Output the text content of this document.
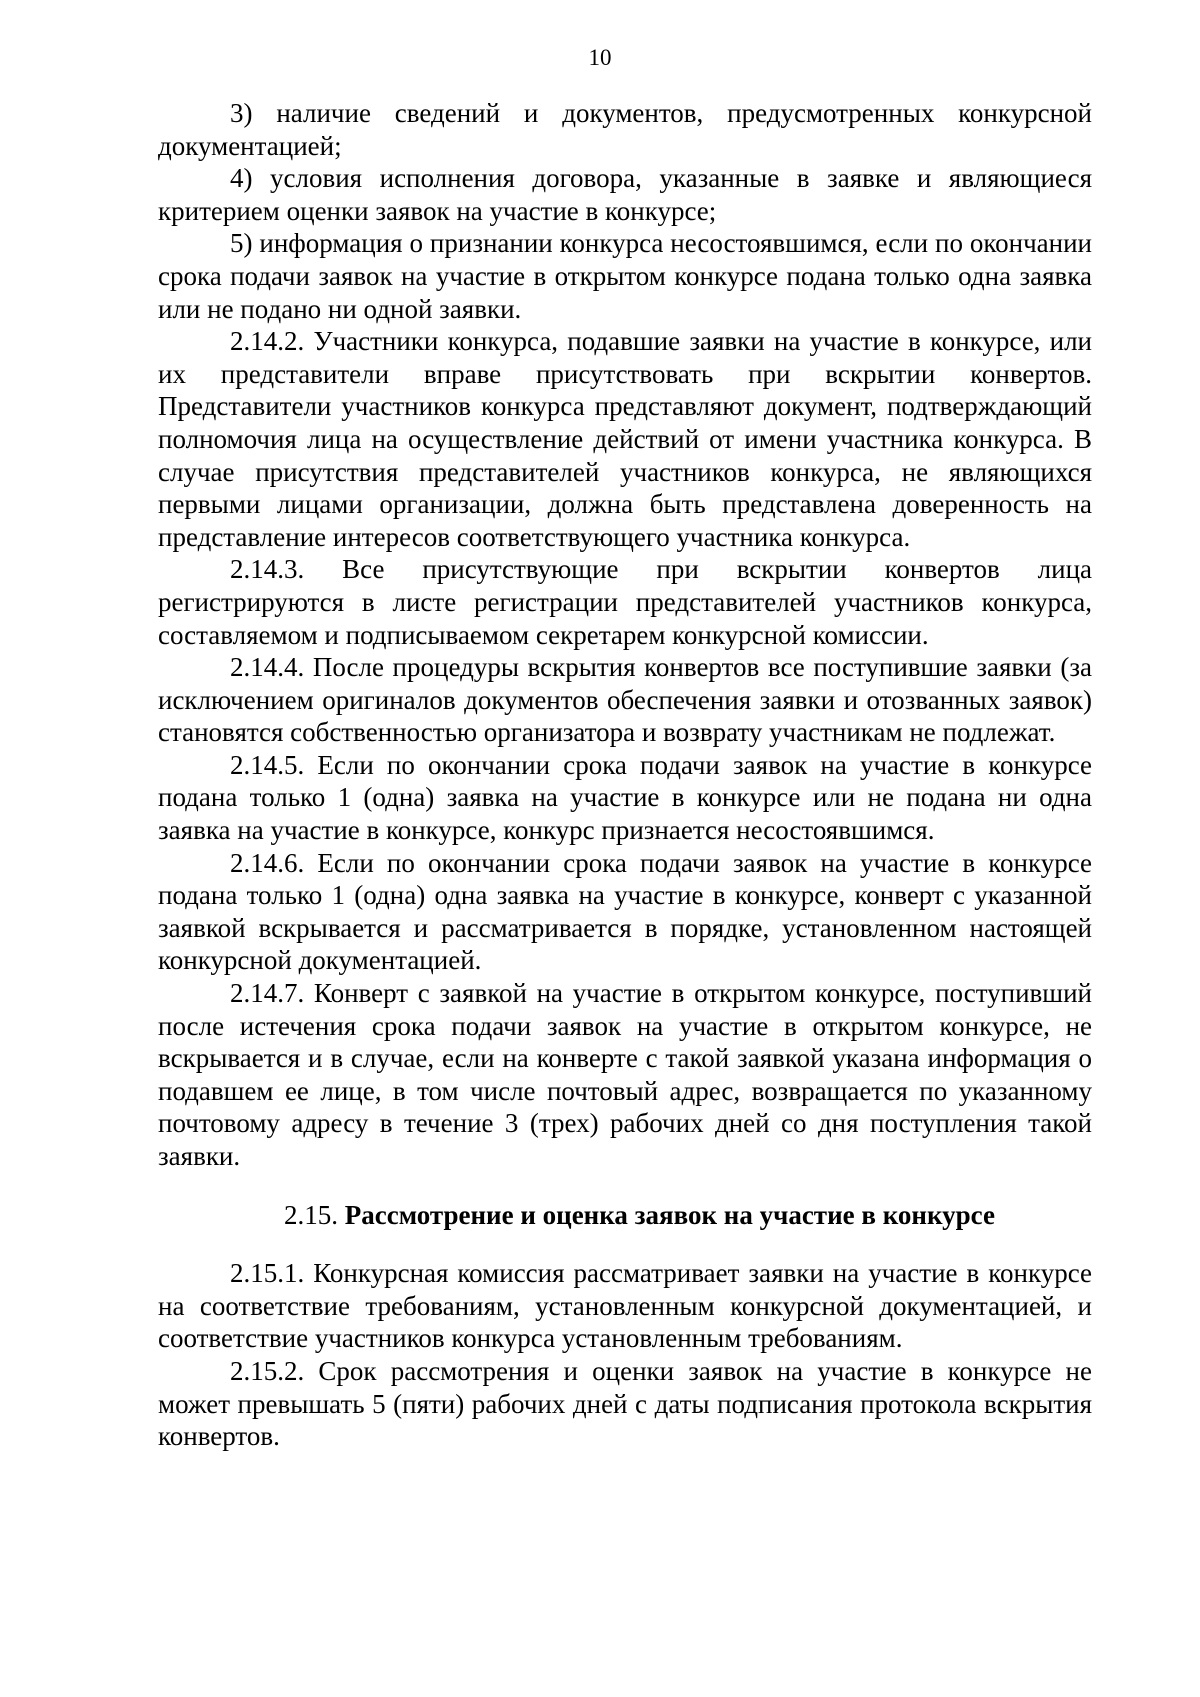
10

3) наличие сведений и документов, предусмотренных конкурсной документацией;

4) условия исполнения договора, указанные в заявке и являющиеся критерием оценки заявок на участие в конкурсе;

5) информация о признании конкурса несостоявшимся, если по окончании срока подачи заявок на участие в открытом конкурсе подана только одна заявка или не подано ни одной заявки.

2.14.2. Участники конкурса, подавшие заявки на участие в конкурсе, или их представители вправе присутствовать при вскрытии конвертов. Представители участников конкурса представляют документ, подтверждающий полномочия лица на осуществление действий от имени участника конкурса. В случае присутствия представителей участников конкурса, не являющихся первыми лицами организации, должна быть представлена доверенность на представление интересов соответствующего участника конкурса.

2.14.3. Все присутствующие при вскрытии конвертов лица регистрируются в листе регистрации представителей участников конкурса, составляемом и подписываемом секретарем конкурсной комиссии.

2.14.4. После процедуры вскрытия конвертов все поступившие заявки (за исключением оригиналов документов обеспечения заявки и отозванных заявок) становятся собственностью организатора и возврату участникам не подлежат.

2.14.5. Если по окончании срока подачи заявок на участие в конкурсе подана только 1 (одна) заявка на участие в конкурсе или не подана ни одна заявка на участие в конкурсе, конкурс признается несостоявшимся.

2.14.6. Если по окончании срока подачи заявок на участие в конкурсе подана только 1 (одна) одна заявка на участие в конкурсе, конверт с указанной заявкой вскрывается и рассматривается в порядке, установленном настоящей конкурсной документацией.

2.14.7. Конверт с заявкой на участие в открытом конкурсе, поступивший после истечения срока подачи заявок на участие в открытом конкурсе, не вскрывается и в случае, если на конверте с такой заявкой указана информация о подавшем ее лице, в том числе почтовый адрес, возвращается по указанному почтовому адресу в течение 3 (трех) рабочих дней со дня поступления такой заявки.

2.15. Рассмотрение и оценка заявок на участие в конкурсе

2.15.1. Конкурсная комиссия рассматривает заявки на участие в конкурсе на соответствие требованиям, установленным конкурсной документацией, и соответствие участников конкурса установленным требованиям.

2.15.2. Срок рассмотрения и оценки заявок на участие в конкурсе не может превышать 5 (пяти) рабочих дней с даты подписания протокола вскрытия конвертов.
